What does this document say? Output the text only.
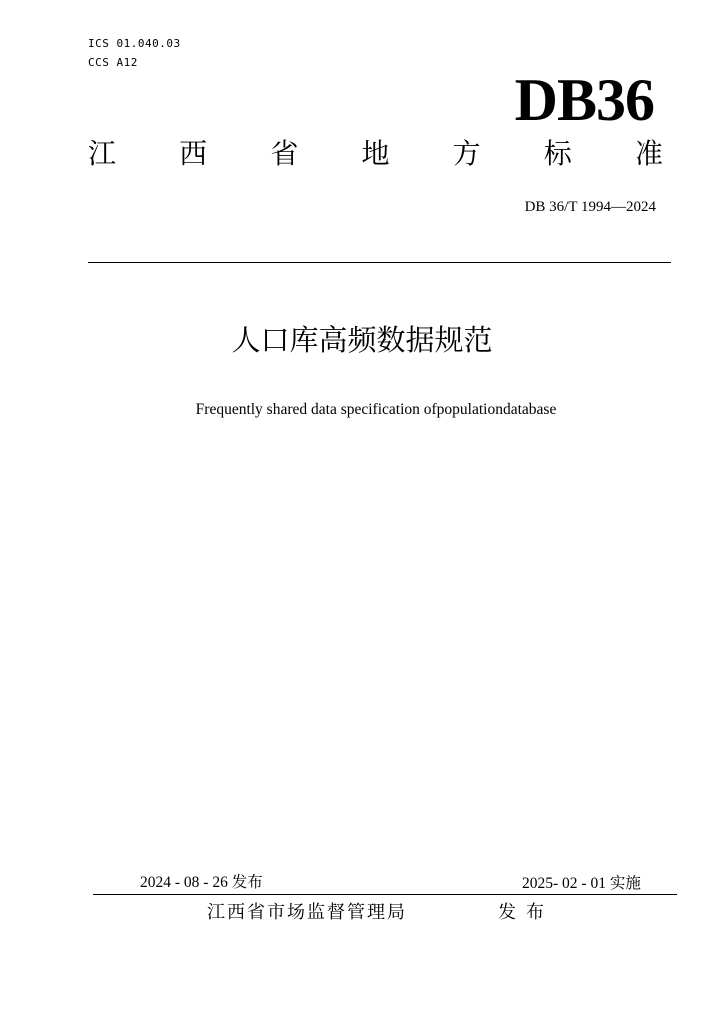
ICS 01.040.03
CCS A12
DB36
江 西 省 地 方 标 准
DB 36/T 1994—2024
人口库高频数据规范
Frequently shared data specification ofpopulationdatabase
2024 - 08 - 26 发布	2025- 02 - 01 实施
江西省市场监督管理局	发布
